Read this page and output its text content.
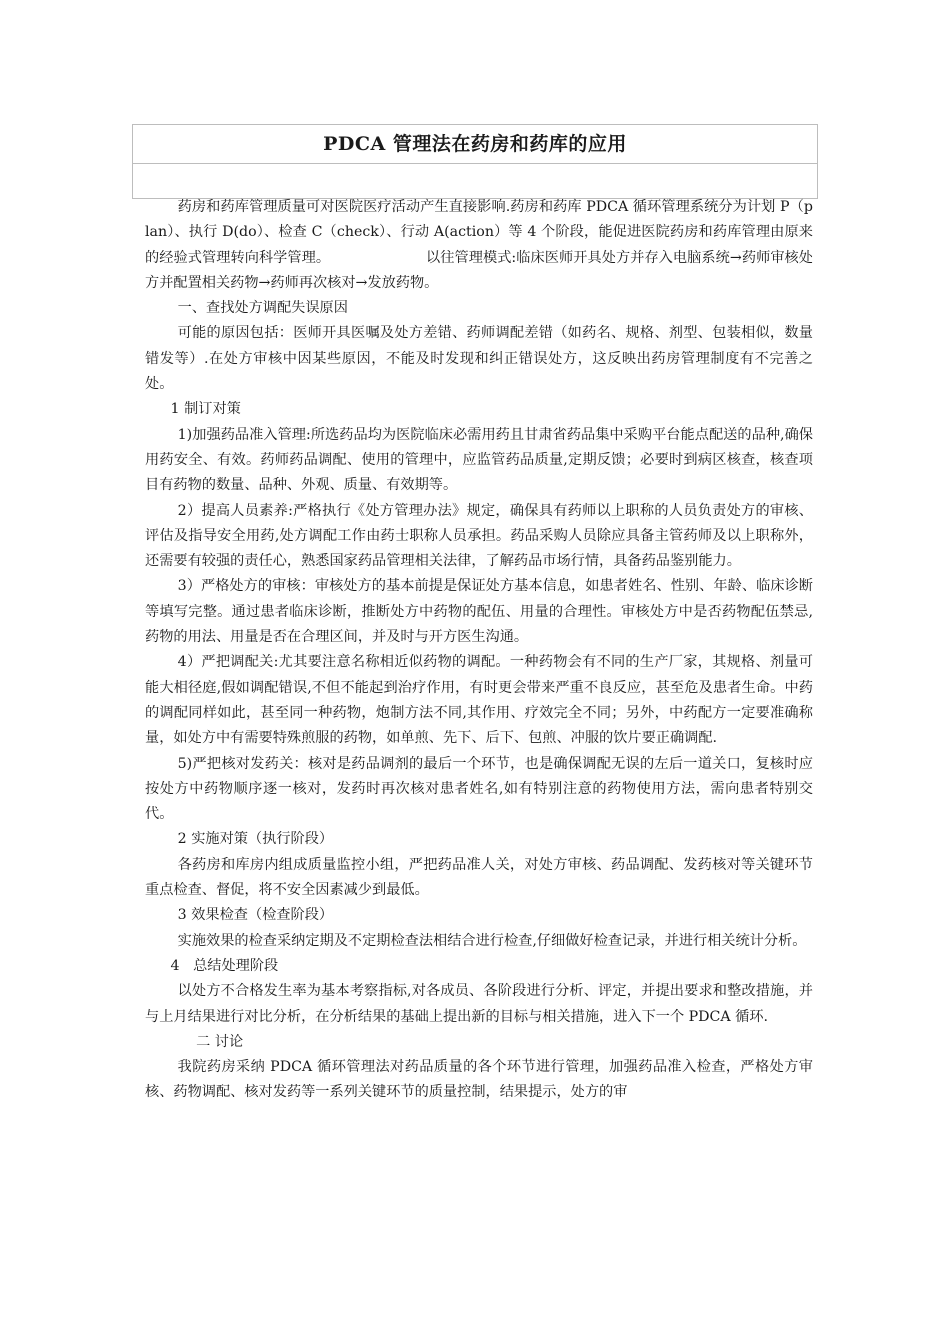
PDCA 管理法在药房和药库的应用

药房和药库管理质量可对医院医疗活动产生直接影响.药房和药库 PDCA 循环管理系统分为计划 P（plan）、执行 D(do）、检查 C（check）、行动 A(action）等 4 个阶段，能促进医院药房和药库管理由原来的经验式管理转向科学管理。                     以往管理模式:临床医师开具处方并存入电脑系统→药师审核处方并配置相关药物→药师再次核对→发放药物。

一、查找处方调配失误原因

可能的原因包括：医师开具医嘱及处方差错、药师调配差错（如药名、规格、剂型、包装相似，数量错发等）.在处方审核中因某些原因，不能及时发现和纠正错误处方，这反映出药房管理制度有不完善之处。

1 制订对策

1)加强药品准入管理:所选药品均为医院临床必需用药且甘肃省药品集中采购平台能点配送的品种,确保用药安全、有效。药师药品调配、使用的管理中，应监管药品质量,定期反馈；必要时到病区核查，核查项目有药物的数量、品种、外观、质量、有效期等。

2）提高人员素养:严格执行《处方管理办法》规定，确保具有药师以上职称的人员负责处方的审核、评估及指导安全用药,处方调配工作由药士职称人员承担。药品采购人员除应具备主管药师及以上职称外，还需要有较强的责任心，熟悉国家药品管理相关法律，了解药品市场行情，具备药品鉴别能力。

3）严格处方的审核：审核处方的基本前提是保证处方基本信息，如患者姓名、性别、年龄、临床诊断等填写完整。通过患者临床诊断，推断处方中药物的配伍、用量的合理性。审核处方中是否药物配伍禁忌,药物的用法、用量是否在合理区间，并及时与开方医生沟通。

4）严把调配关:尤其要注意名称相近似药物的调配。一种药物会有不同的生产厂家，其规格、剂量可能大相径庭,假如调配错误,不但不能起到治疗作用，有时更会带来严重不良反应，甚至危及患者生命。中药的调配同样如此，甚至同一种药物，炮制方法不同,其作用、疗效完全不同；另外，中药配方一定要准确称量，如处方中有需要特殊煎服的药物，如单煎、先下、后下、包煎、冲服的饮片要正确调配.

5)严把核对发药关：核对是药品调剂的最后一个环节，也是确保调配无误的左后一道关口，复核时应按处方中药物顺序逐一核对，发药时再次核对患者姓名,如有特别注意的药物使用方法，需向患者特别交代。

2 实施对策（执行阶段）

各药房和库房内组成质量监控小组，严把药品准人关，对处方审核、药品调配、发药核对等关键环节重点检查、督促，将不安全因素减少到最低。

3 效果检查（检查阶段）

实施效果的检查采纳定期及不定期检查法相结合进行检查,仔细做好检查记录，并进行相关统计分析。

4   总结处理阶段

以处方不合格发生率为基本考察指标,对各成员、各阶段进行分析、评定，并提出要求和整改措施，并与上月结果进行对比分析，在分析结果的基础上提出新的目标与相关措施，进入下一个 PDCA 循环.

二 讨论

我院药房采纳 PDCA 循环管理法对药品质量的各个环节进行管理，加强药品准入检查，严格处方审核、药物调配、核对发药等一系列关键环节的质量控制，结果提示，处方的审
